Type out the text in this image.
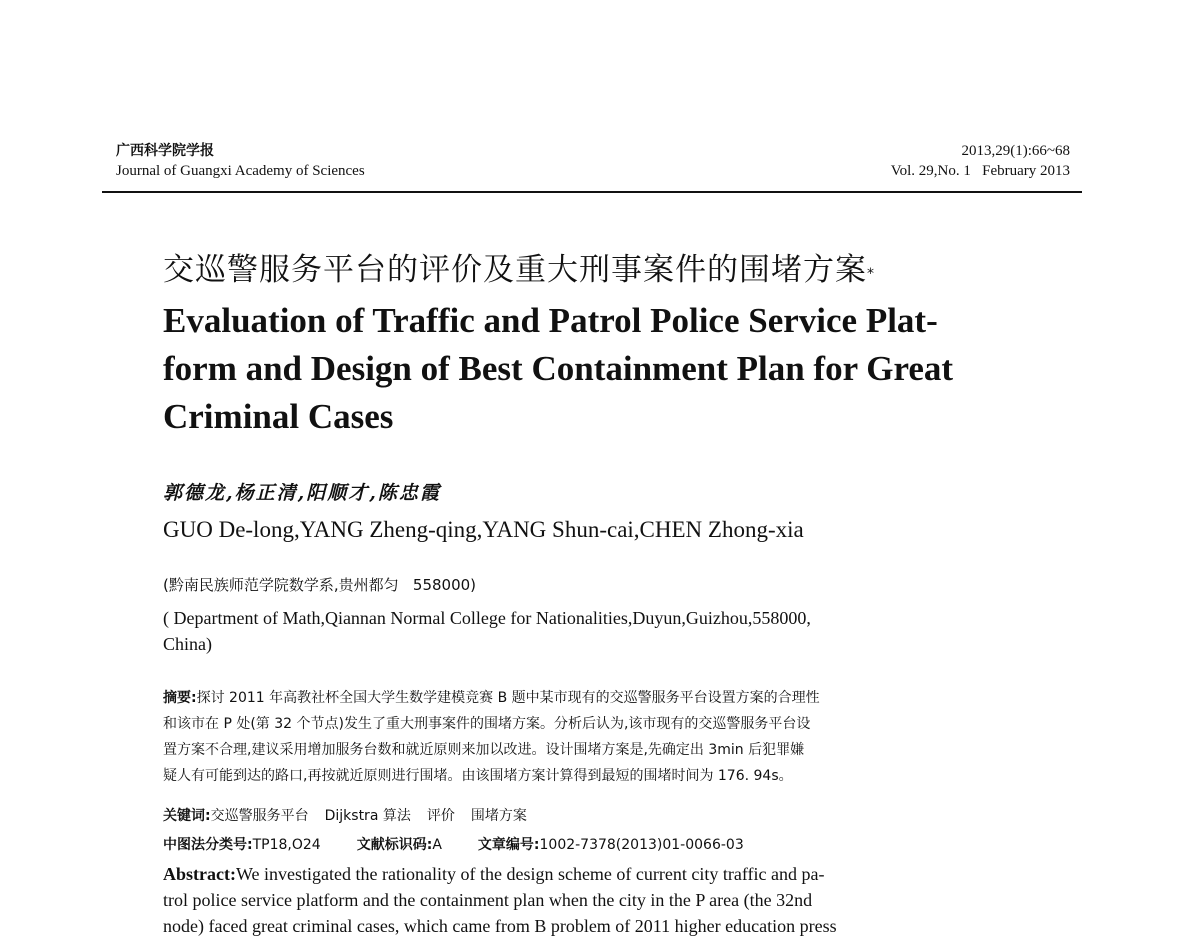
广西科学院学报
Journal of Guangxi Academy of Sciences
2013,29(1):66~68
Vol. 29,No. 1   February 2013
交巡警服务平台的评价及重大刑事案件的围堵方案*
Evaluation of Traffic and Patrol Police Service Plat-
form and Design of Best Containment Plan for Great
Criminal Cases
郭德龙,杨正清,阳顺才,陈忠霞
GUO De-long,YANG Zheng-qing,YANG Shun-cai,CHEN Zhong-xia
(黔南民族师范学院数学系,贵州都匀   558000)
( Department of Math,Qiannan Normal College for Nationalities,Duyun,Guizhou,558000,
China)
摘要:探讨 2011 年高教社杯全国大学生数学建模竞赛 B 题中某市现有的交巡警服务平台设置方案的合理性
和该市在 P 处(第 32 个节点)发生了重大刑事案件的围堵方案。分析后认为,该市现有的交巡警服务平台设
置方案不合理,建议采用增加服务台数和就近原则来加以改进。设计围堵方案是,先确定出 3min 后犯罪嫌
疑人有可能到达的路口,再按就近原则进行围堵。由该围堵方案计算得到最短的围堵时间为 176. 94s。
关键词:交巡警服务平台 Dijkstra 算法 评价 围堵方案
中图法分类号:TP18,O24	文献标识码:A	文章编号:1002-7378(2013)01-0066-03
Abstract:We investigated the rationality of the design scheme of current city traffic and pa-
trol police service platform and the containment plan when the city in the P area (the 32nd
node) faced great criminal cases, which came from B problem of 2011 higher education press
